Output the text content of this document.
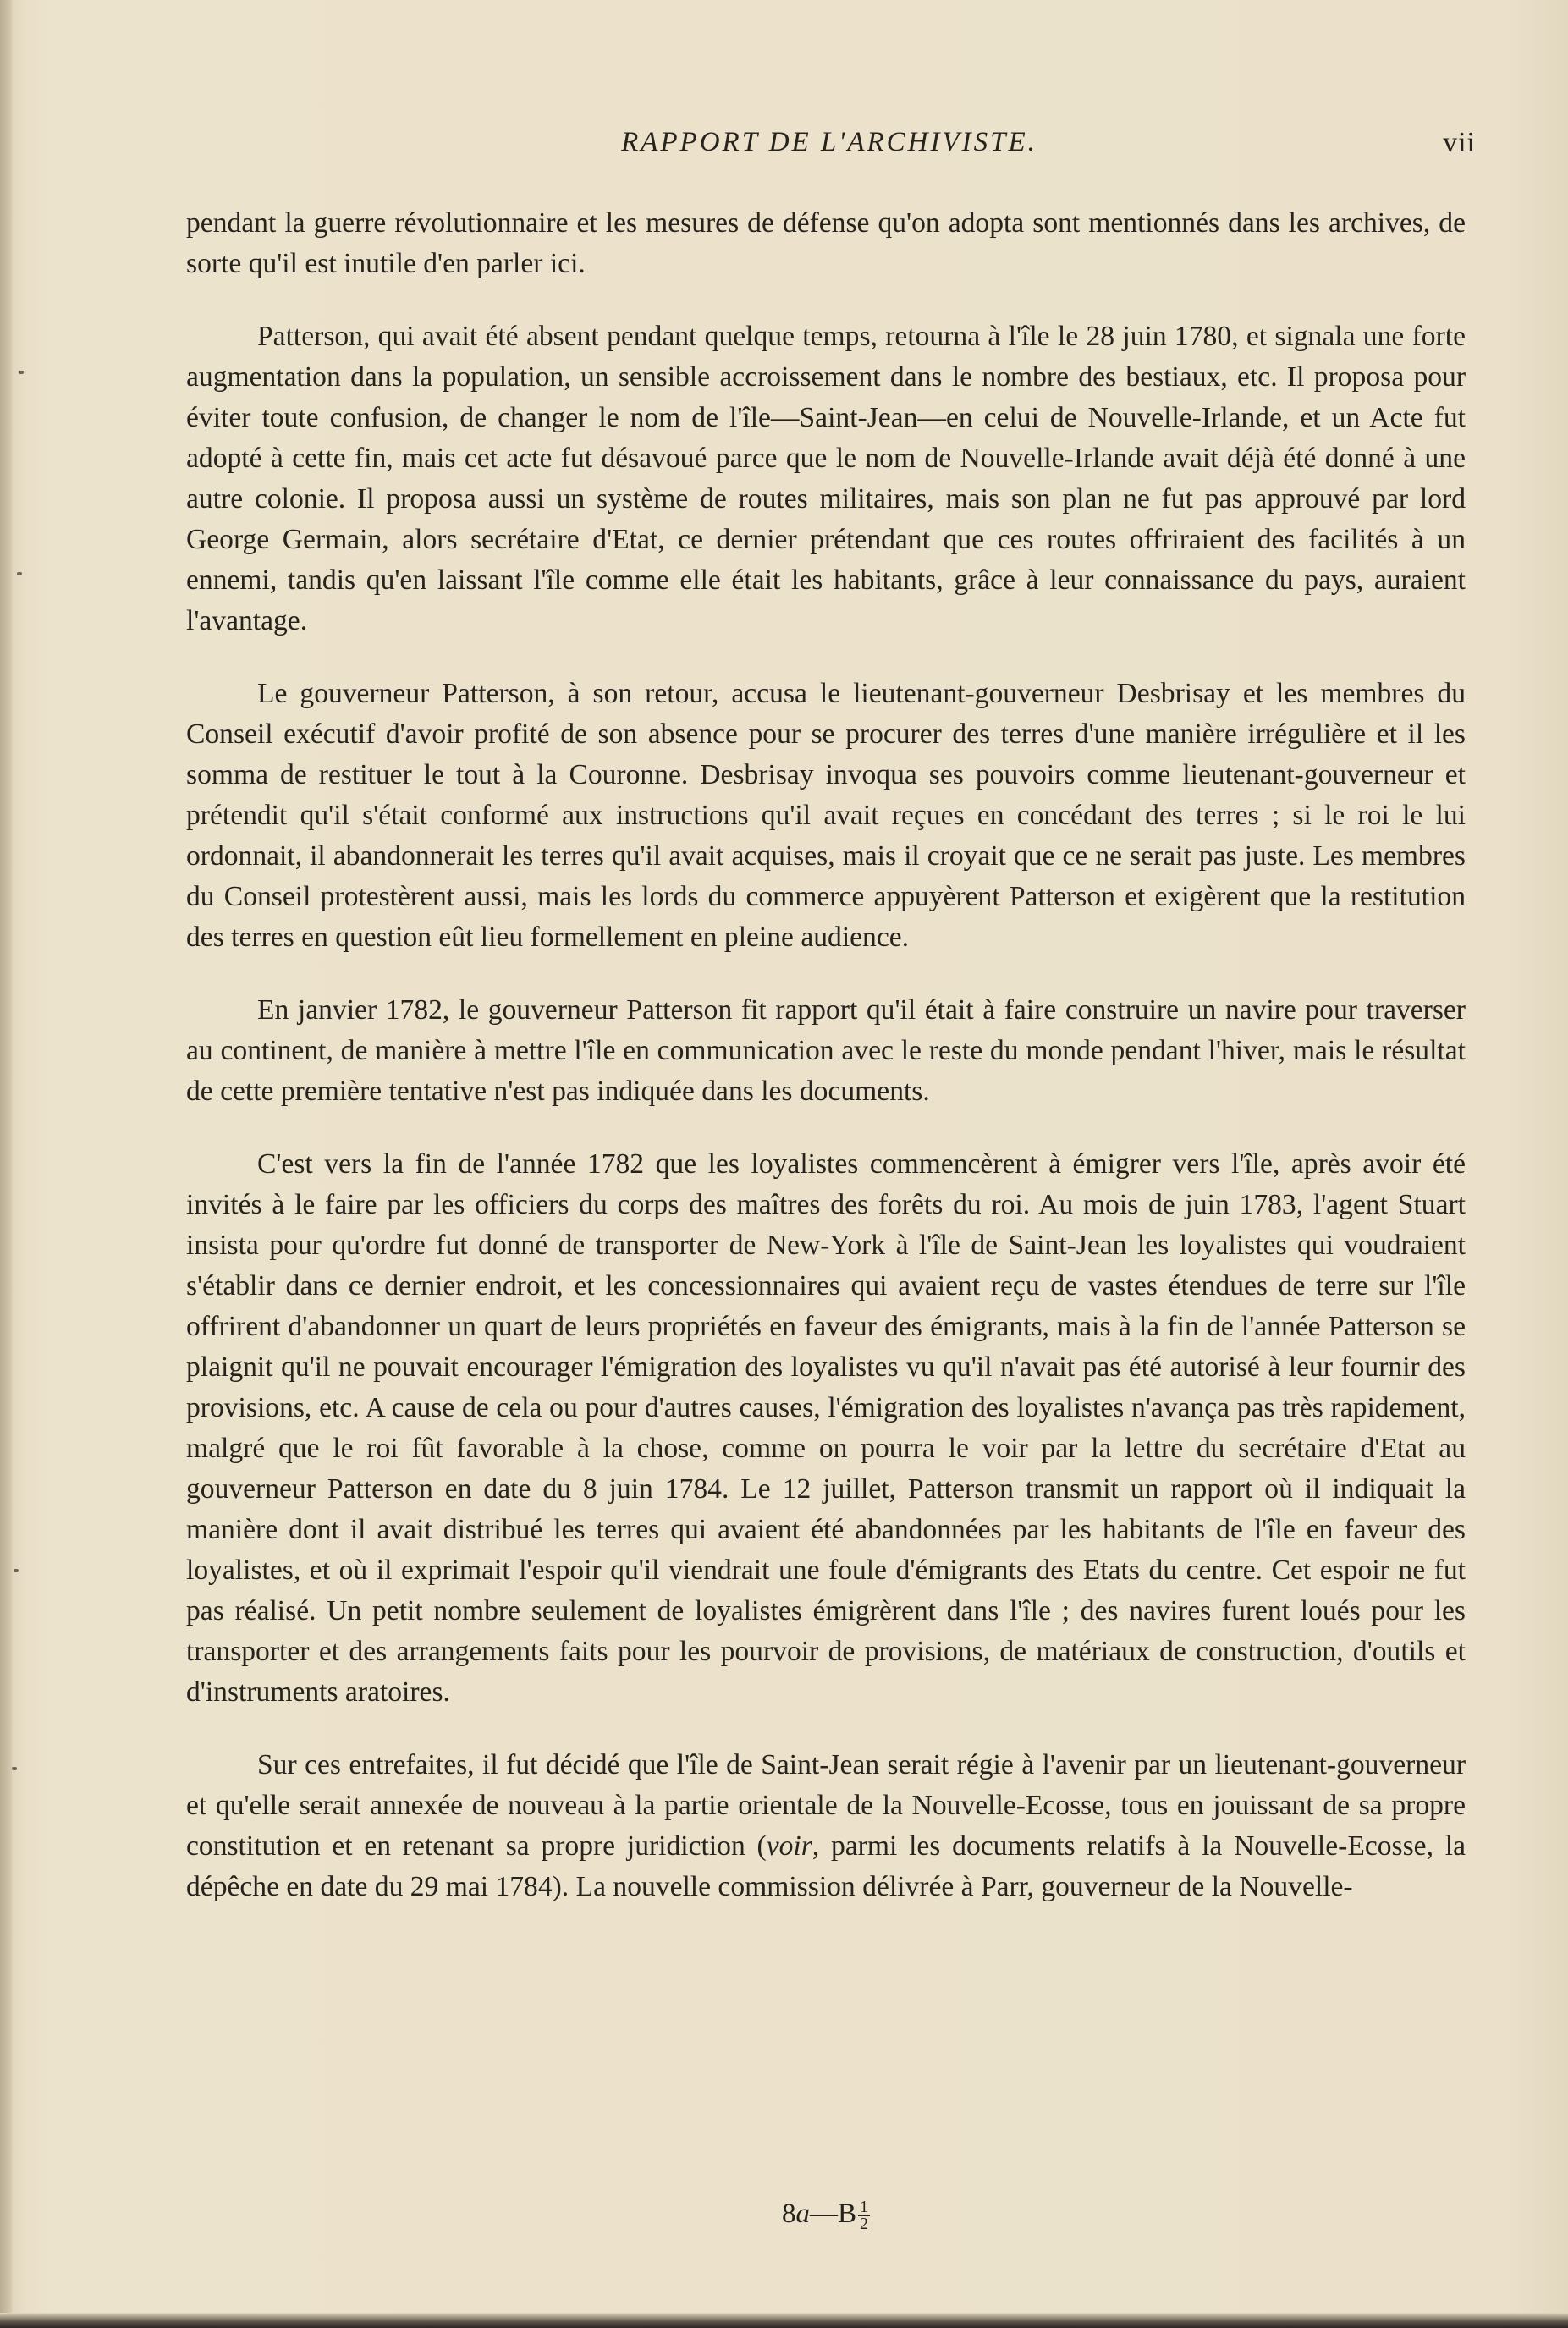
RAPPORT DE L'ARCHIVISTE.	vii

pendant la guerre révolutionnaire et les mesures de défense qu'on adopta sont mentionnés dans les archives, de sorte qu'il est inutile d'en parler ici.

Patterson, qui avait été absent pendant quelque temps, retourna à l'île le 28 juin 1780, et signala une forte augmentation dans la population, un sensible accroissement dans le nombre des bestiaux, etc. Il proposa pour éviter toute confusion, de changer le nom de l'île—Saint-Jean—en celui de Nouvelle-Irlande, et un Acte fut adopté à cette fin, mais cet acte fut désavoué parce que le nom de Nouvelle-Irlande avait déjà été donné à une autre colonie. Il proposa aussi un système de routes militaires, mais son plan ne fut pas approuvé par lord George Germain, alors secrétaire d'Etat, ce dernier prétendant que ces routes offriraient des facilités à un ennemi, tandis qu'en laissant l'île comme elle était les habitants, grâce à leur connaissance du pays, auraient l'avantage.

Le gouverneur Patterson, à son retour, accusa le lieutenant-gouverneur Desbrisay et les membres du Conseil exécutif d'avoir profité de son absence pour se procurer des terres d'une manière irrégulière et il les somma de restituer le tout à la Couronne. Desbrisay invoqua ses pouvoirs comme lieutenant-gouverneur et prétendit qu'il s'était conformé aux instructions qu'il avait reçues en concédant des terres ; si le roi le lui ordonnait, il abandonnerait les terres qu'il avait acquises, mais il croyait que ce ne serait pas juste. Les membres du Conseil protestèrent aussi, mais les lords du commerce appuyèrent Patterson et exigèrent que la restitution des terres en question eût lieu formellement en pleine audience.

En janvier 1782, le gouverneur Patterson fit rapport qu'il était à faire construire un navire pour traverser au continent, de manière à mettre l'île en communication avec le reste du monde pendant l'hiver, mais le résultat de cette première tentative n'est pas indiquée dans les documents.

C'est vers la fin de l'année 1782 que les loyalistes commencèrent à émigrer vers l'île, après avoir été invités à le faire par les officiers du corps des maîtres des forêts du roi. Au mois de juin 1783, l'agent Stuart insista pour qu'ordre fut donné de transporter de New-York à l'île de Saint-Jean les loyalistes qui voudraient s'établir dans ce dernier endroit, et les concessionnaires qui avaient reçu de vastes étendues de terre sur l'île offrirent d'abandonner un quart de leurs propriétés en faveur des émigrants, mais à la fin de l'année Patterson se plaignit qu'il ne pouvait encourager l'émigration des loyalistes vu qu'il n'avait pas été autorisé à leur fournir des provisions, etc. A cause de cela ou pour d'autres causes, l'émigration des loyalistes n'avança pas très rapidement, malgré que le roi fût favorable à la chose, comme on pourra le voir par la lettre du secrétaire d'Etat au gouverneur Patterson en date du 8 juin 1784. Le 12 juillet, Patterson transmit un rapport où il indiquait la manière dont il avait distribué les terres qui avaient été abandonnées par les habitants de l'île en faveur des loyalistes, et où il exprimait l'espoir qu'il viendrait une foule d'émigrants des Etats du centre. Cet espoir ne fut pas réalisé. Un petit nombre seulement de loyalistes émigrèrent dans l'île ; des navires furent loués pour les transporter et des arrangements faits pour les pourvoir de provisions, de matériaux de construction, d'outils et d'instruments aratoires.

Sur ces entrefaites, il fut décidé que l'île de Saint-Jean serait régie à l'avenir par un lieutenant-gouverneur et qu'elle serait annexée de nouveau à la partie orientale de la Nouvelle-Ecosse, tous en jouissant de sa propre constitution et en retenant sa propre juridiction (voir, parmi les documents relatifs à la Nouvelle-Ecosse, la dépêche en date du 29 mai 1784). La nouvelle commission délivrée à Parr, gouverneur de la Nouvelle-

8a—B $\frac{1}{2}$
